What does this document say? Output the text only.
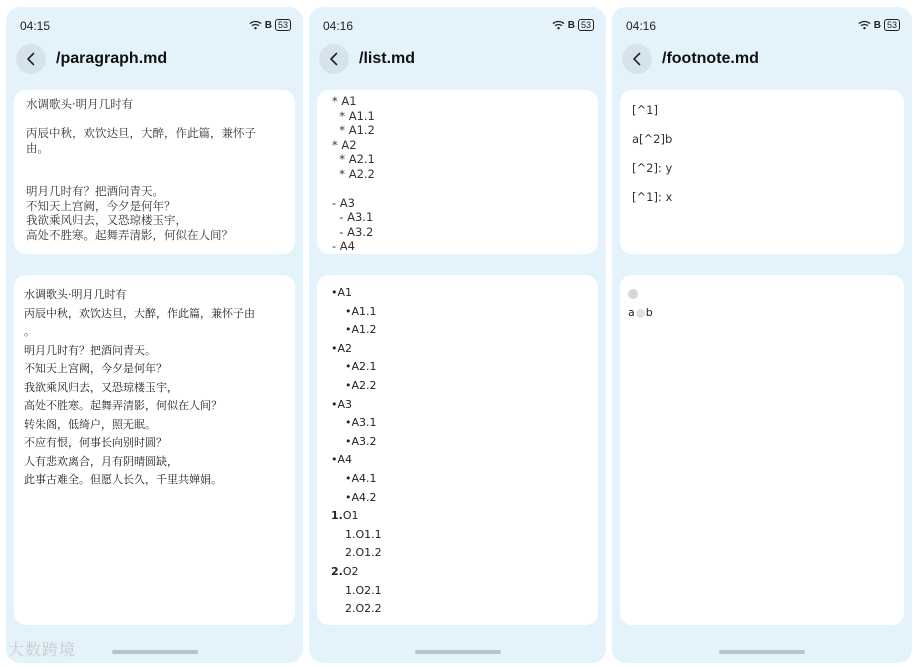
04:15	B 53
/paragraph.md
水调歌头·明月几时有

丙辰中秋，欢饮达旦，大醉，作此篇，兼怀子
由。

明月几时有？把酒问青天。
不知天上宫阙，今夕是何年？
我欲乘风归去，又恐琼楼玉宇，
高处不胜寒。起舞弄清影，何似在人间？
水调歌头·明月几时有
丙辰中秋，欢饮达旦，大醉，作此篇，兼怀子由
。
明月几时有？把酒问青天。
不知天上宫阙，今夕是何年？
我欲乘风归去，又恐琼楼玉宇，
高处不胜寒。起舞弄清影，何似在人间？
转朱阁，低绮户，照无眠。
不应有恨，何事长向别时圆？
人有悲欢离合，月有阴晴圆缺，
此事古难全。但愿人长久，千里共婵娟。
04:16	B 53
/list.md
* A1
* A1.1
* A1.2
* A2
* A2.1
* A2.2

- A3
- A3.1
- A3.2
- A4
•A1
•A1.1
•A1.2
•A2
•A2.1
•A2.2
•A3
•A3.1
•A3.2
•A4
•A4.1
•A4.2
1.O1
1.O1.1
2.O1.2
2.O2
1.O2.1
2.O2.2
04:16	B 53
/footnote.md
[^1]
a[^2]b
[^2]: y
[^1]: x
a b
大数跨境
